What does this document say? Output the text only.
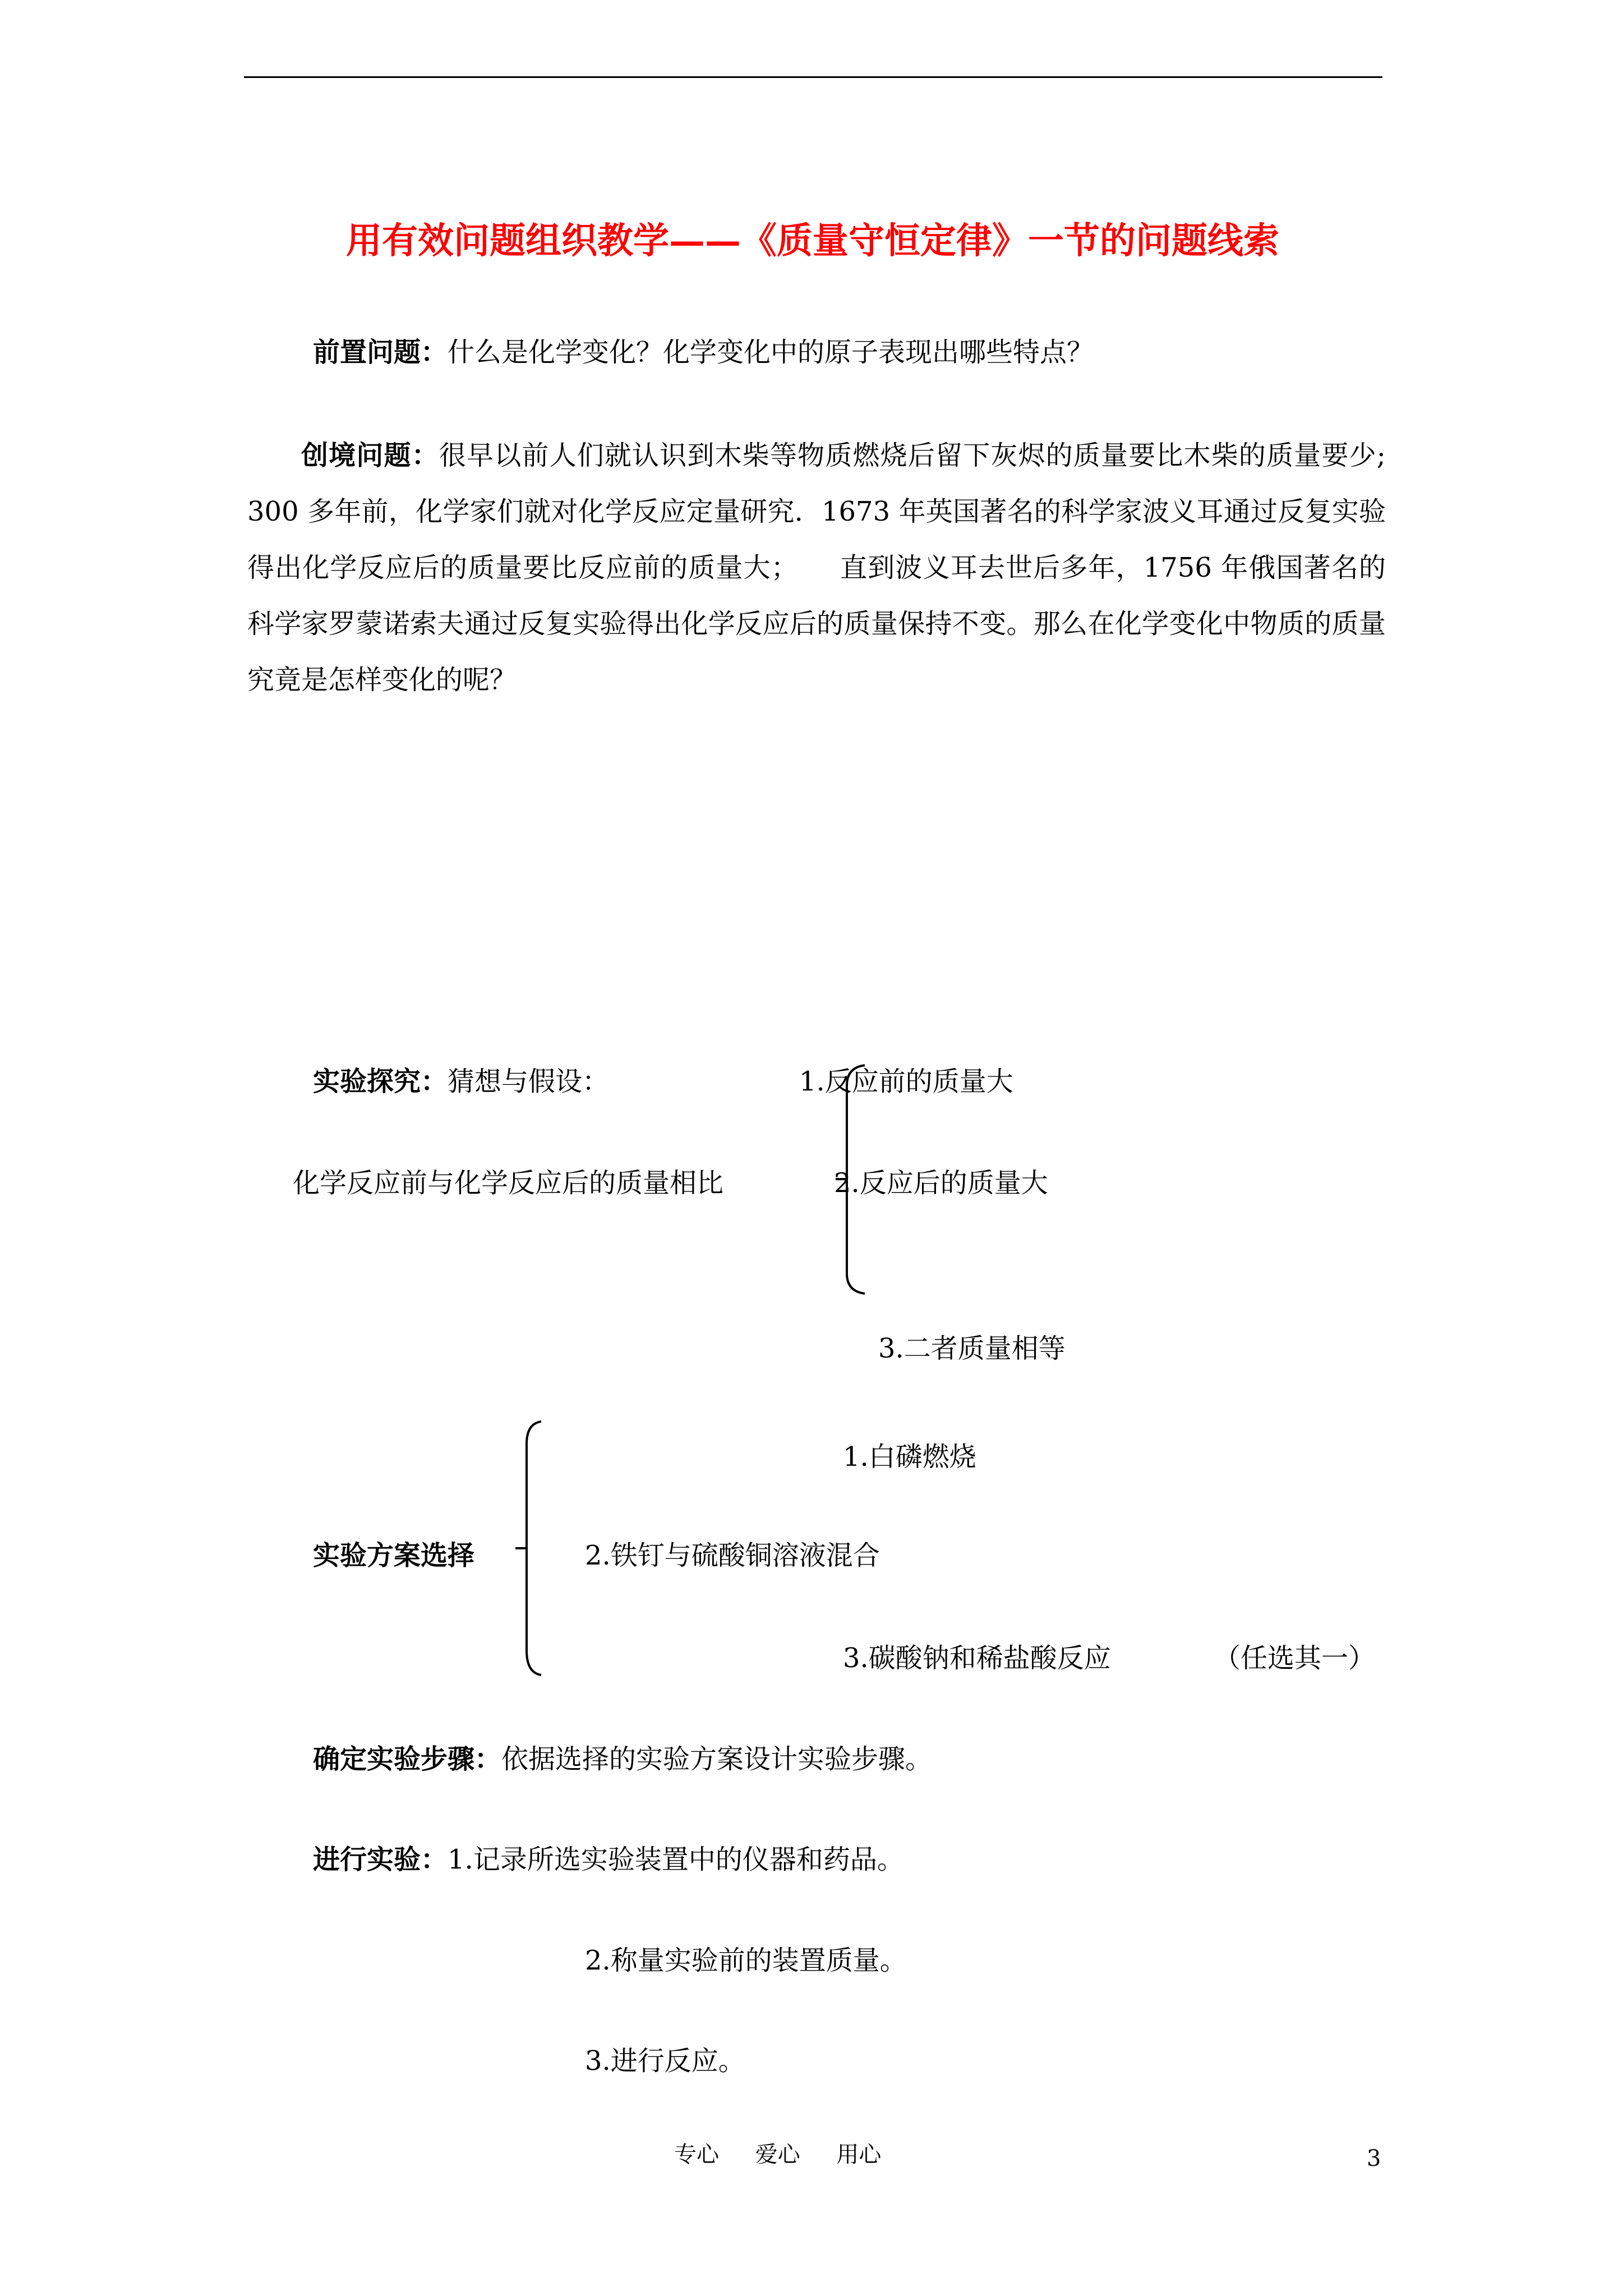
用有效问题组织教学——《质量守恒定律》一节的问题线索
前置问题：什么是化学变化？化学变化中的原子表现出哪些特点？
创境问题：很早以前人们就认识到木柴等物质燃烧后留下灰烬的质量要比木柴的质量要少; 300 多年前，化学家们就对化学反应定量研究．1673 年英国著名的科学家波义耳通过反复实验得出化学反应后的质量要比反应前的质量大；　　直到波义耳去世后多年，1756 年俄国著名的科学家罗蒙诺索夫通过反复实验得出化学反应后的质量保持不变。那么在化学变化中物质的质量究竟是怎样变化的呢？
实验探究：猜想与假设：	1.反应前的质量大
化学反应前与化学反应后的质量相比	2.反应后的质量大
3.二者质量相等
1.白磷燃烧
实验方案选择	2.铁钉与硫酸铜溶液混合
3.碳酸钠和稀盐酸反应	（任选其一）
确定实验步骤：依据选择的实验方案设计实验步骤。
进行实验：1.记录所选实验装置中的仪器和药品。
2.称量实验前的装置质量。
3.进行反应。
专心 爱心 用心	3
